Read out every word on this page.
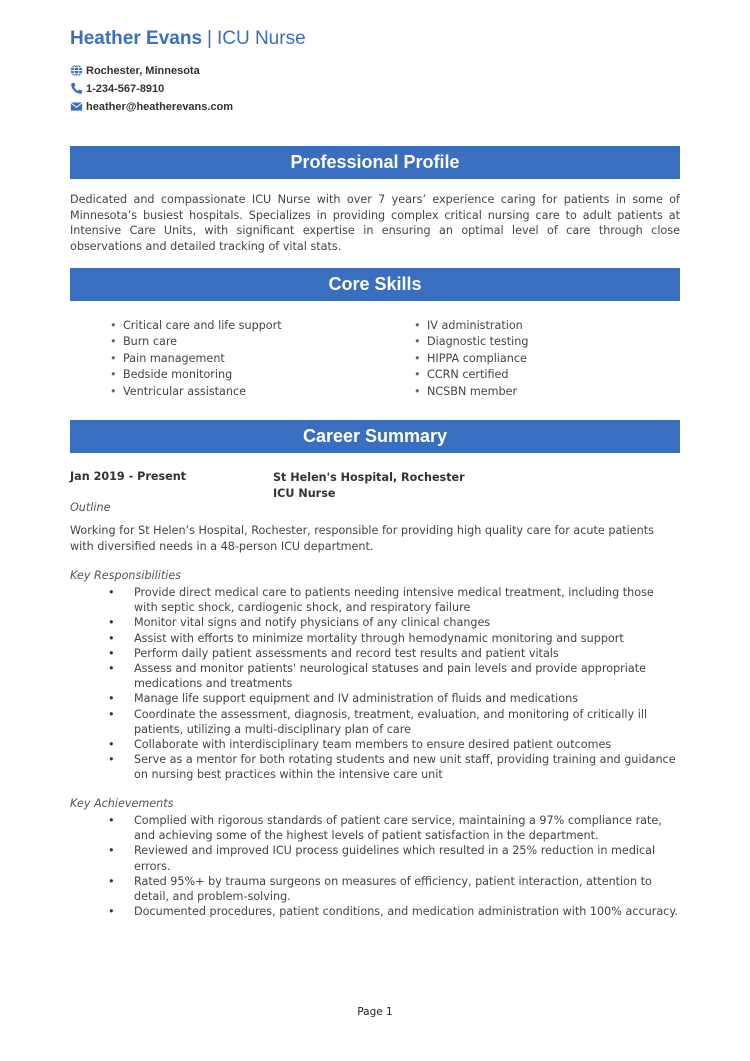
Heather Evans | ICU Nurse
Rochester, Minnesota
1-234-567-8910
heather@heatherevans.com
Professional Profile

Dedicated and compassionate ICU Nurse with over 7 years’ experience caring for patients in some of Minnesota’s busiest hospitals. Specializes in providing complex critical nursing care to adult patients at Intensive Care Units, with significant expertise in ensuring an optimal level of care through close observations and detailed tracking of vital stats.

Core Skills
• Critical care and life support
• Burn care
• Pain management
• Bedside monitoring
• Ventricular assistance
• IV administration
• Diagnostic testing
• HIPPA compliance
• CCRN certified
• NCSBN member
Career Summary
Jan 2019 - Present	St Helen's Hospital, Rochester
ICU Nurse
Outline

Working for St Helen’s Hospital, Rochester, responsible for providing high quality care for acute patients with diversified needs in a 48-person ICU department.

Key Responsibilities
• Provide direct medical care to patients needing intensive medical treatment, including those with septic shock, cardiogenic shock, and respiratory failure
• Monitor vital signs and notify physicians of any clinical changes
• Assist with efforts to minimize mortality through hemodynamic monitoring and support
• Perform daily patient assessments and record test results and patient vitals
• Assess and monitor patients' neurological statuses and pain levels and provide appropriate medications and treatments
• Manage life support equipment and IV administration of fluids and medications
• Coordinate the assessment, diagnosis, treatment, evaluation, and monitoring of critically ill patients, utilizing a multi-disciplinary plan of care
• Collaborate with interdisciplinary team members to ensure desired patient outcomes
• Serve as a mentor for both rotating students and new unit staff, providing training and guidance on nursing best practices within the intensive care unit
Key Achievements
• Complied with rigorous standards of patient care service, maintaining a 97% compliance rate, and achieving some of the highest levels of patient satisfaction in the department.
• Reviewed and improved ICU process guidelines which resulted in a 25% reduction in medical errors.
• Rated 95%+ by trauma surgeons on measures of efficiency, patient interaction, attention to detail, and problem-solving.
• Documented procedures, patient conditions, and medication administration with 100% accuracy.
Page 1
